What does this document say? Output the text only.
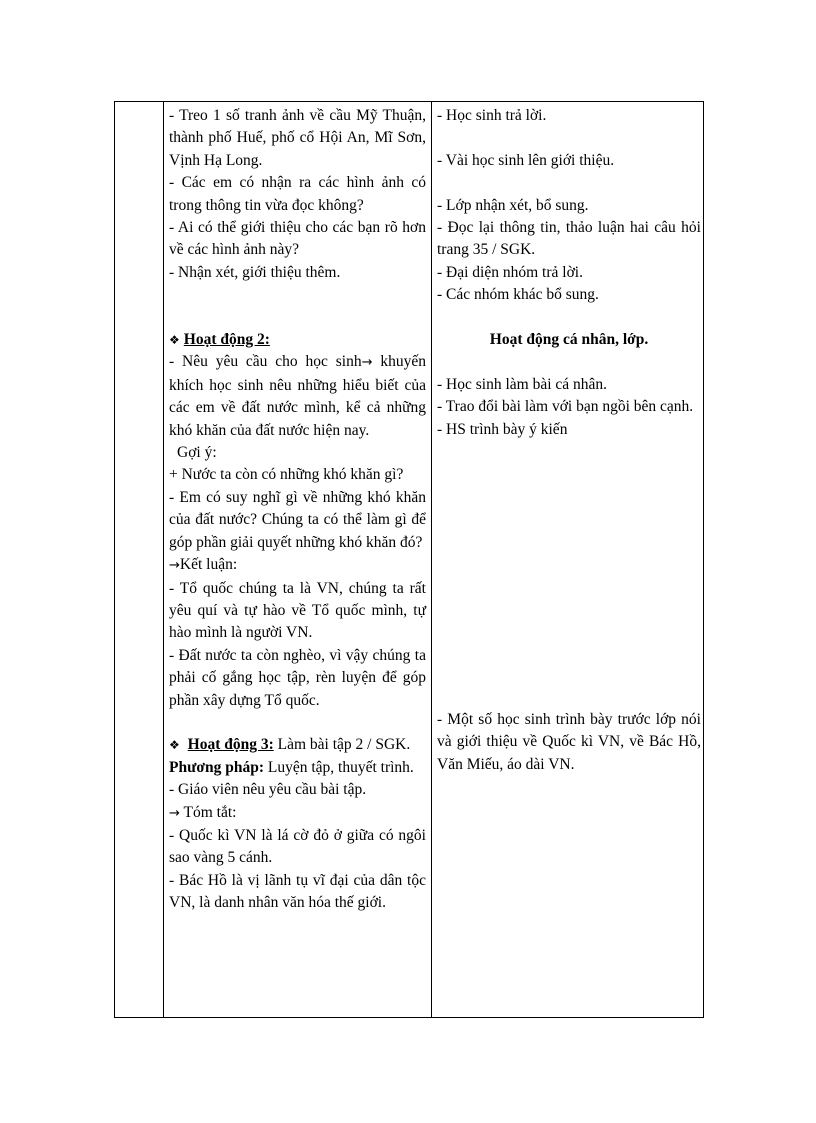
- Treo 1 số tranh ảnh về cầu Mỹ Thuận, thành phố Huế, phố cổ Hội An, Mĩ Sơn, Vịnh Hạ Long.

- Các em có nhận ra các hình ảnh có trong thông tin vừa đọc không?

- Ai có thể giới thiệu cho các bạn rõ hơn về các hình ảnh này?

- Nhận xét, giới thiệu thêm.

❖ Hoạt động 2:

- Nêu yêu cầu cho học sinh→ khuyến khích học sinh nêu những hiểu biết của các em về đất nước mình, kể cả những khó khăn của đất nước hiện nay.

Gợi ý:

+ Nước ta còn có những khó khăn gì?

- Em có suy nghĩ gì về những khó khăn của đất nước? Chúng ta có thể làm gì để góp phần giải quyết những khó khăn đó?

→Kết luận:

- Tổ quốc chúng ta là VN, chúng ta rất yêu quí và tự hào về Tổ quốc mình, tự hào mình là người VN.

- Đất nước ta còn nghèo, vì vậy chúng ta phải cố gắng học tập, rèn luyện để góp phần xây dựng Tổ quốc.

❖ Hoạt động 3: Làm bài tập 2 / SGK.

Phương pháp: Luyện tập, thuyết trình.

- Giáo viên nêu yêu cầu bài tập.

→ Tóm tắt:

- Quốc kì VN là lá cờ đỏ ở giữa có ngôi sao vàng 5 cánh.

- Bác Hồ là vị lãnh tụ vĩ đại của dân tộc VN, là danh nhân văn hóa thế giới.

- Học sinh trả lời.

- Vài học sinh lên giới thiệu.

- Lớp nhận xét, bổ sung.

- Đọc lại thông tin, thảo luận hai câu hỏi trang 35 / SGK.

- Đại diện nhóm trả lời.

- Các nhóm khác bổ sung.

Hoạt động cá nhân, lớp.

- Học sinh làm bài cá nhân.

- Trao đổi bài làm với bạn ngồi bên cạnh.

- HS trình bày ý kiến

- Một số học sinh trình bày trước lớp nói và giới thiệu về Quốc kì VN, về Bác Hồ, Văn Miếu, áo dài VN.
